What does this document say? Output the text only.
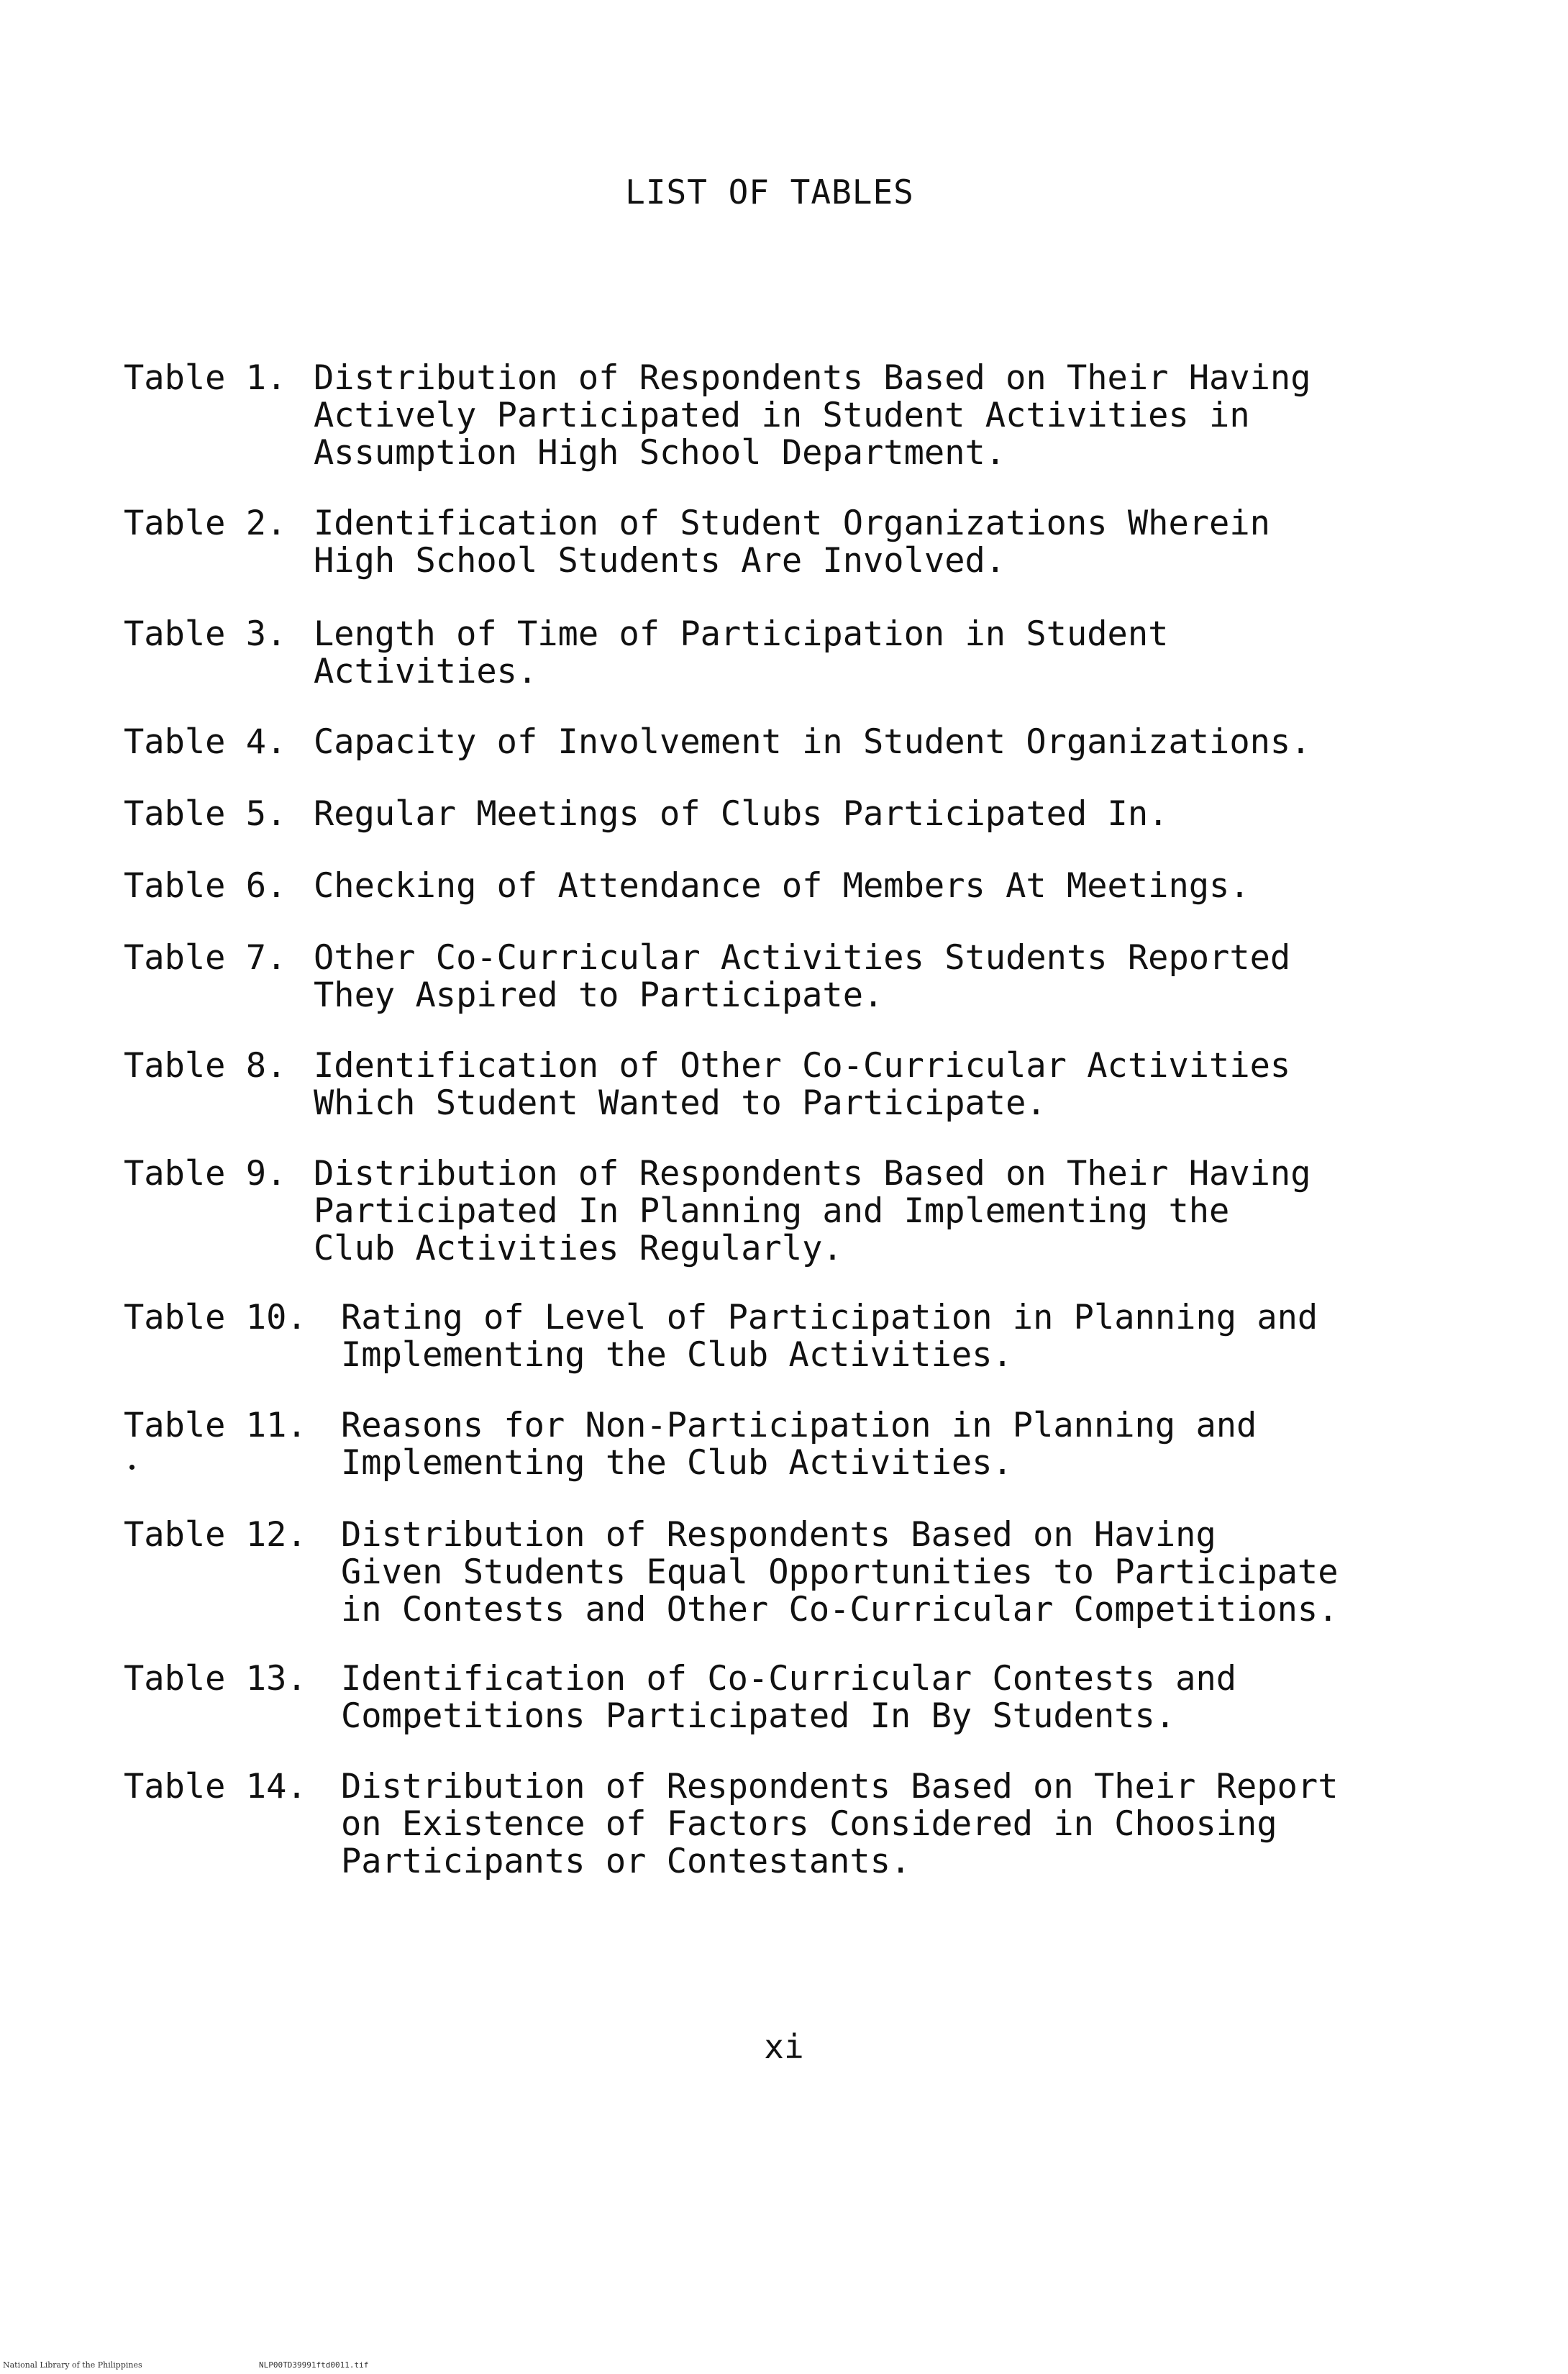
LIST OF TABLES
Table 1. Distribution of Respondents Based on Their Having
Actively Participated in Student Activities in
Assumption High School Department.
Table 2. Identification of Student Organizations Wherein
High School Students Are Involved.
Table 3. Length of Time of Participation in Student
Activities.
Table 4. Capacity of Involvement in Student Organizations.
Table 5. Regular Meetings of Clubs Participated In.
Table 6. Checking of Attendance of Members At Meetings.
Table 7. Other Co-Curricular Activities Students Reported
They Aspired to Participate.
Table 8. Identification of Other Co-Curricular Activities
Which Student Wanted to Participate.
Table 9. Distribution of Respondents Based on Their Having
Participated In Planning and Implementing the
Club Activities Regularly.
Table 10.	Rating of Level of Participation in Planning and
Implementing the Club Activities.
Table 11.	Reasons for Non-Participation in Planning and
Implementing the Club Activities.
Table 12.	Distribution of Respondents Based on Having
Given Students Equal Opportunities to Participate
in Contests and Other Co-Curricular Competitions.
Table 13.	Identification of Co-Curricular Contests and
Competitions Participated In By Students.
Table 14.	Distribution of Respondents Based on Their Report
on Existence of Factors Considered in Choosing
Participants or Contestants.
xi
National Library of the Philippines	NLP00TD39991ftd0011.tif
